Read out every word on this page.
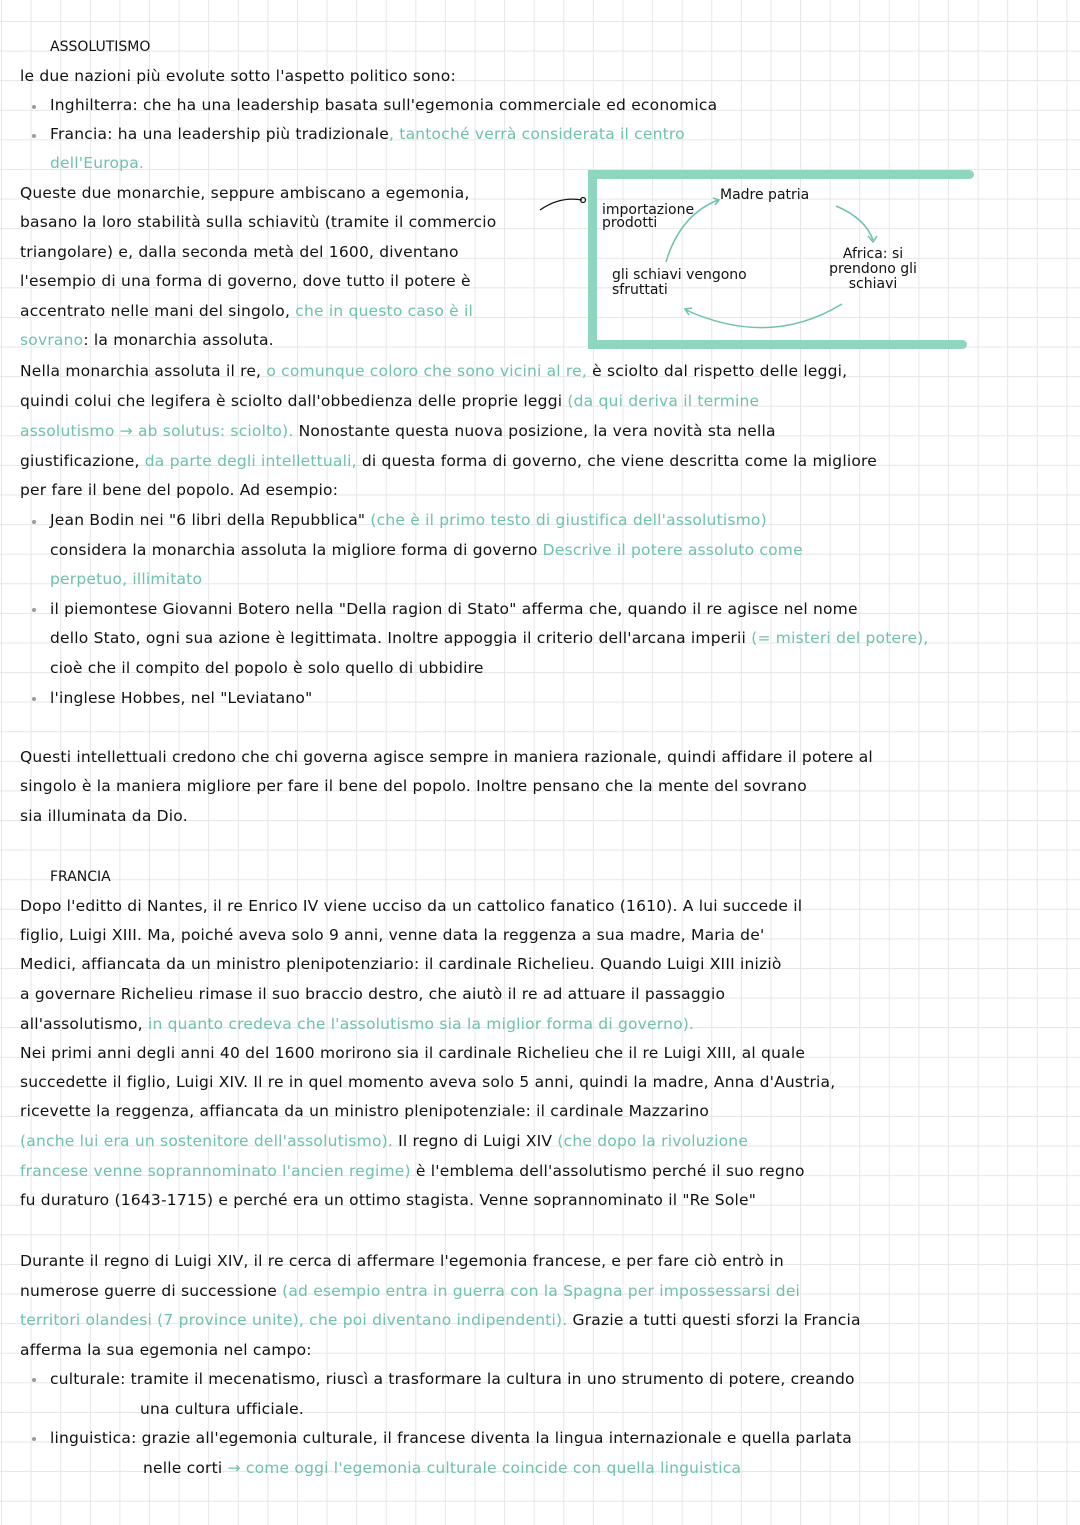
ASSOLUTISMO
le due nazioni più evolute sotto l'aspetto politico sono:
Inghilterra: che ha una leadership basata sull'egemonia commerciale ed economica
Francia: ha una leadership più tradizionale, tantoché verrà considerata il centro
dell'Europa.
Queste due monarchie, seppure ambiscano a egemonia,
basano la loro stabilità sulla schiavitù (tramite il commercio
triangolare) e, dalla seconda metà del 1600, diventano
l'esempio di una forma di governo, dove tutto il potere è
accentrato nelle mani del singolo, che in questo caso è il
sovrano: la monarchia assoluta.
Madre patria
Africa: si prendono gli schiavi
gli schiavi vengono sfruttati
importazione prodotti
Nella monarchia assoluta il re, o comunque coloro che sono vicini al re, è sciolto dal rispetto delle leggi,
quindi colui che legifera è sciolto dall'obbedienza delle proprie leggi (da qui deriva il termine
assolutismo → ab solutus: sciolto). Nonostante questa nuova posizione, la vera novità sta nella
giustificazione, da parte degli intellettuali, di questa forma di governo, che viene descritta come la migliore
per fare il bene del popolo. Ad esempio:
Jean Bodin nei "6 libri della Repubblica" (che è il primo testo di giustifica dell'assolutismo)
considera la monarchia assoluta la migliore forma di governo Descrive il potere assoluto come
perpetuo, illimitato
il piemontese Giovanni Botero nella "Della ragion di Stato" afferma che, quando il re agisce nel nome
dello Stato, ogni sua azione è legittimata. Inoltre appoggia il criterio dell'arcana imperii (= misteri del potere),
cioè che il compito del popolo è solo quello di ubbidire
l'inglese Hobbes, nel "Leviatano"
Questi intellettuali credono che chi governa agisce sempre in maniera razionale, quindi affidare il potere al
singolo è la maniera migliore per fare il bene del popolo. Inoltre pensano che la mente del sovrano
sia illuminata da Dio.
FRANCIA
Dopo l'editto di Nantes, il re Enrico IV viene ucciso da un cattolico fanatico (1610). A lui succede il
figlio, Luigi XIII. Ma, poiché aveva solo 9 anni, venne data la reggenza a sua madre, Maria de'
Medici, affiancata da un ministro plenipotenziario: il cardinale Richelieu. Quando Luigi XIII iniziò
a governare Richelieu rimase il suo braccio destro, che aiutò il re ad attuare il passaggio
all'assolutismo, in quanto credeva che l'assolutismo sia la miglior forma di governo).
Nei primi anni degli anni 40 del 1600 morirono sia il cardinale Richelieu che il re Luigi XIII, al quale
succedette il figlio, Luigi XIV. Il re in quel momento aveva solo 5 anni, quindi la madre, Anna d'Austria,
ricevette la reggenza, affiancata da un ministro plenipotenziale: il cardinale Mazzarino
(anche lui era un sostenitore dell'assolutismo). Il regno di Luigi XIV (che dopo la rivoluzione
francese venne soprannominato l'ancien regime) è l'emblema dell'assolutismo perché il suo regno
fu duraturo (1643-1715) e perché era un ottimo stagista. Venne soprannominato il "Re Sole"
Durante il regno di Luigi XIV, il re cerca di affermare l'egemonia francese, e per fare ciò entrò in
numerose guerre di successione (ad esempio entra in guerra con la Spagna per impossessarsi dei
territori olandesi (7 province unite), che poi diventano indipendenti). Grazie a tutti questi sforzi la Francia
afferma la sua egemonia nel campo:
culturale: tramite il mecenatismo, riuscì a trasformare la cultura in uno strumento di potere, creando
una cultura ufficiale.
linguistica: grazie all'egemonia culturale, il francese diventa la lingua internazionale e quella parlata
nelle corti → come oggi l'egemonia culturale coincide con quella linguistica
